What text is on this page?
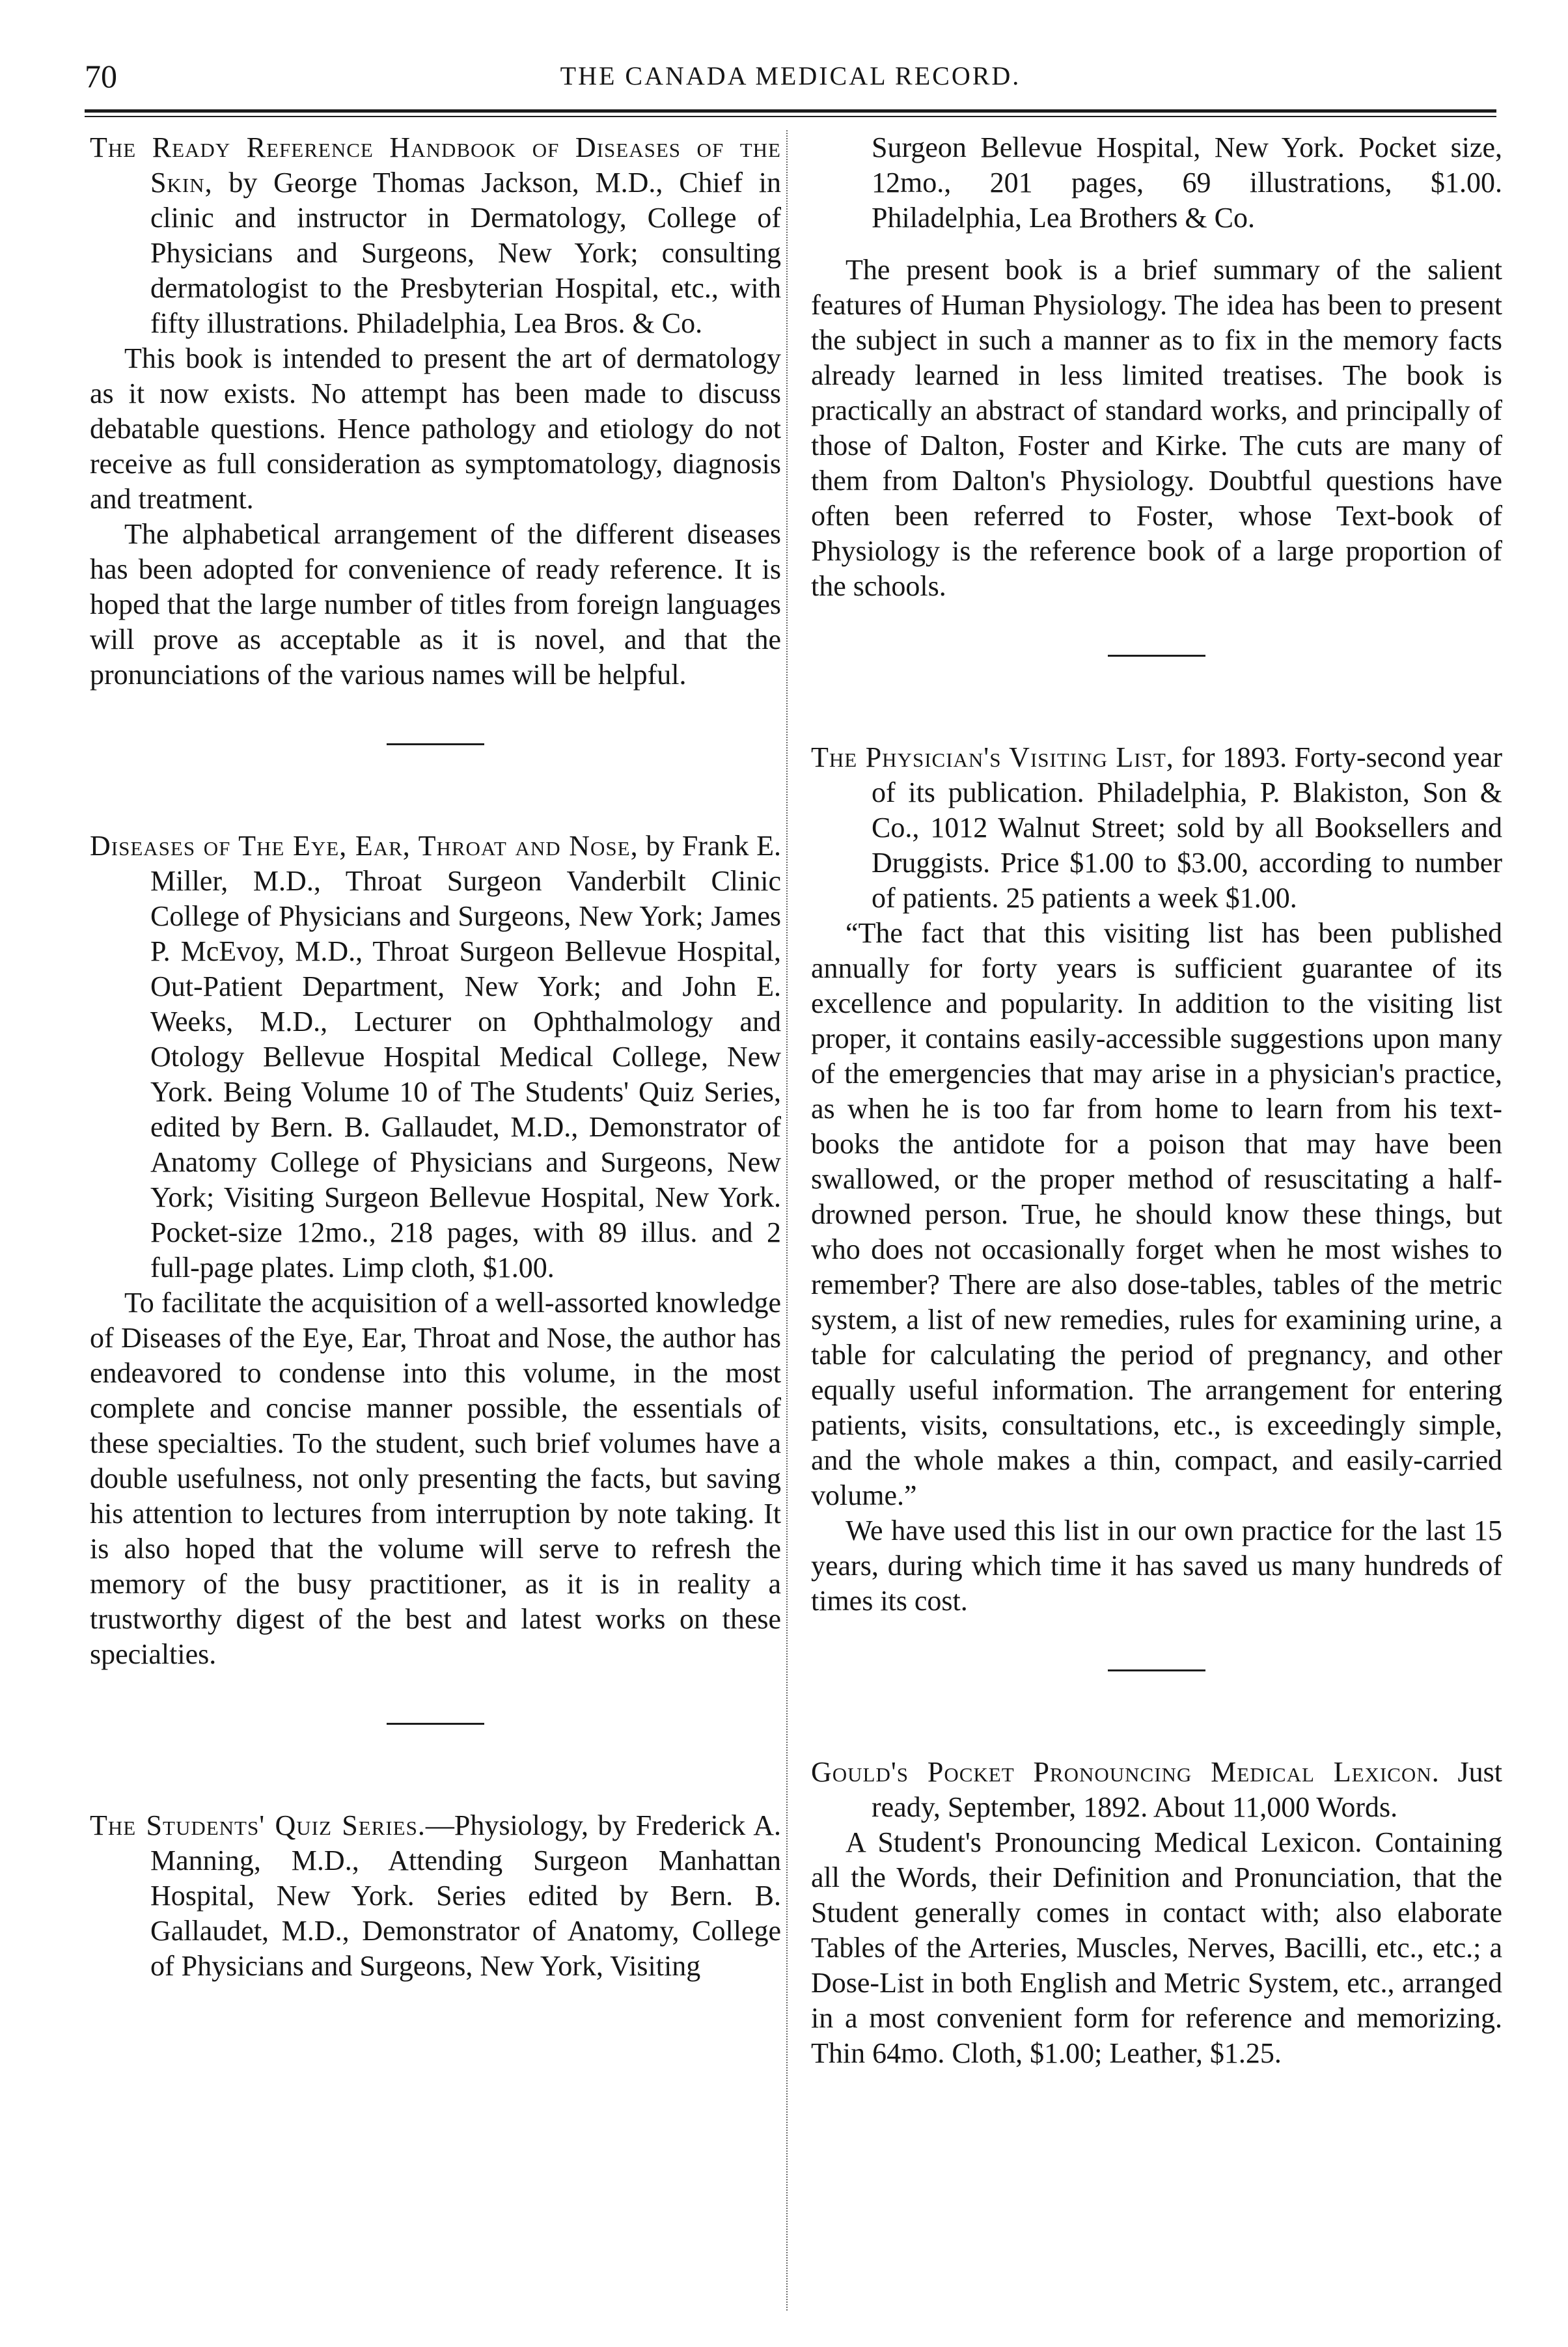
70	THE CANADA MEDICAL RECORD.

The Ready Reference Handbook of Diseases of the Skin, by George Thomas Jackson, M.D., Chief in clinic and instructor in Dermatology, College of Physicians and Surgeons, New York; consulting dermatologist to the Presbyterian Hospital, etc., with fifty illustrations. Philadelphia, Lea Bros. & Co.

This book is intended to present the art of dermatology as it now exists. No attempt has been made to discuss debatable questions. Hence pathology and etiology do not receive as full consideration as symptomatology, diagnosis and treatment.

The alphabetical arrangement of the different diseases has been adopted for convenience of ready reference. It is hoped that the large number of titles from foreign languages will prove as acceptable as it is novel, and that the pronunciations of the various names will be helpful.

Diseases of The Eye, Ear, Throat and Nose, by Frank E. Miller, M.D., Throat Surgeon Vanderbilt Clinic College of Physicians and Surgeons, New York; James P. McEvoy, M.D., Throat Surgeon Bellevue Hospital, Out-Patient Department, New York; and John E. Weeks, M.D., Lecturer on Ophthalmology and Otology Bellevue Hospital Medical College, New York. Being Volume 10 of The Students' Quiz Series, edited by Bern. B. Gallaudet, M.D., Demonstrator of Anatomy College of Physicians and Surgeons, New York; Visiting Surgeon Bellevue Hospital, New York. Pocket-size 12mo., 218 pages, with 89 illus. and 2 full-page plates. Limp cloth, $1.00.

To facilitate the acquisition of a well-assorted knowledge of Diseases of the Eye, Ear, Throat and Nose, the author has endeavored to condense into this volume, in the most complete and concise manner possible, the essentials of these specialties. To the student, such brief volumes have a double usefulness, not only presenting the facts, but saving his attention to lectures from interruption by note taking. It is also hoped that the volume will serve to refresh the memory of the busy practitioner, as it is in reality a trustworthy digest of the best and latest works on these specialties.

The Students' Quiz Series.—Physiology, by Frederick A. Manning, M.D., Attending Surgeon Manhattan Hospital, New York. Series edited by Bern. B. Gallaudet, M.D., Demonstrator of Anatomy, College of Physicians and Surgeons, New York, Visiting

Surgeon Bellevue Hospital, New York. Pocket size, 12mo., 201 pages, 69 illustrations, $1.00. Philadelphia, Lea Brothers & Co.

The present book is a brief summary of the salient features of Human Physiology. The idea has been to present the subject in such a manner as to fix in the memory facts already learned in less limited treatises. The book is practically an abstract of standard works, and principally of those of Dalton, Foster and Kirke. The cuts are many of them from Dalton's Physiology. Doubtful questions have often been referred to Foster, whose Text-book of Physiology is the reference book of a large proportion of the schools.

The Physician's Visiting List, for 1893. Forty-second year of its publication. Philadelphia, P. Blakiston, Son & Co., 1012 Walnut Street; sold by all Booksellers and Druggists. Price $1.00 to $3.00, according to number of patients. 25 patients a week $1.00.

“The fact that this visiting list has been published annually for forty years is sufficient guarantee of its excellence and popularity. In addition to the visiting list proper, it contains easily-accessible suggestions upon many of the emergencies that may arise in a physician's practice, as when he is too far from home to learn from his text-books the antidote for a poison that may have been swallowed, or the proper method of resuscitating a half-drowned person. True, he should know these things, but who does not occasionally forget when he most wishes to remember? There are also dose-tables, tables of the metric system, a list of new remedies, rules for examining urine, a table for calculating the period of pregnancy, and other equally useful information. The arrangement for entering patients, visits, consultations, etc., is exceedingly simple, and the whole makes a thin, compact, and easily-carried volume.”

We have used this list in our own practice for the last 15 years, during which time it has saved us many hundreds of times its cost.

Gould's Pocket Pronouncing Medical Lexicon. Just ready, September, 1892. About 11,000 Words.

A Student's Pronouncing Medical Lexicon. Containing all the Words, their Definition and Pronunciation, that the Student generally comes in contact with; also elaborate Tables of the Arteries, Muscles, Nerves, Bacilli, etc., etc.; a Dose-List in both English and Metric System, etc., arranged in a most convenient form for reference and memorizing. Thin 64mo. Cloth, $1.00; Leather, $1.25.
